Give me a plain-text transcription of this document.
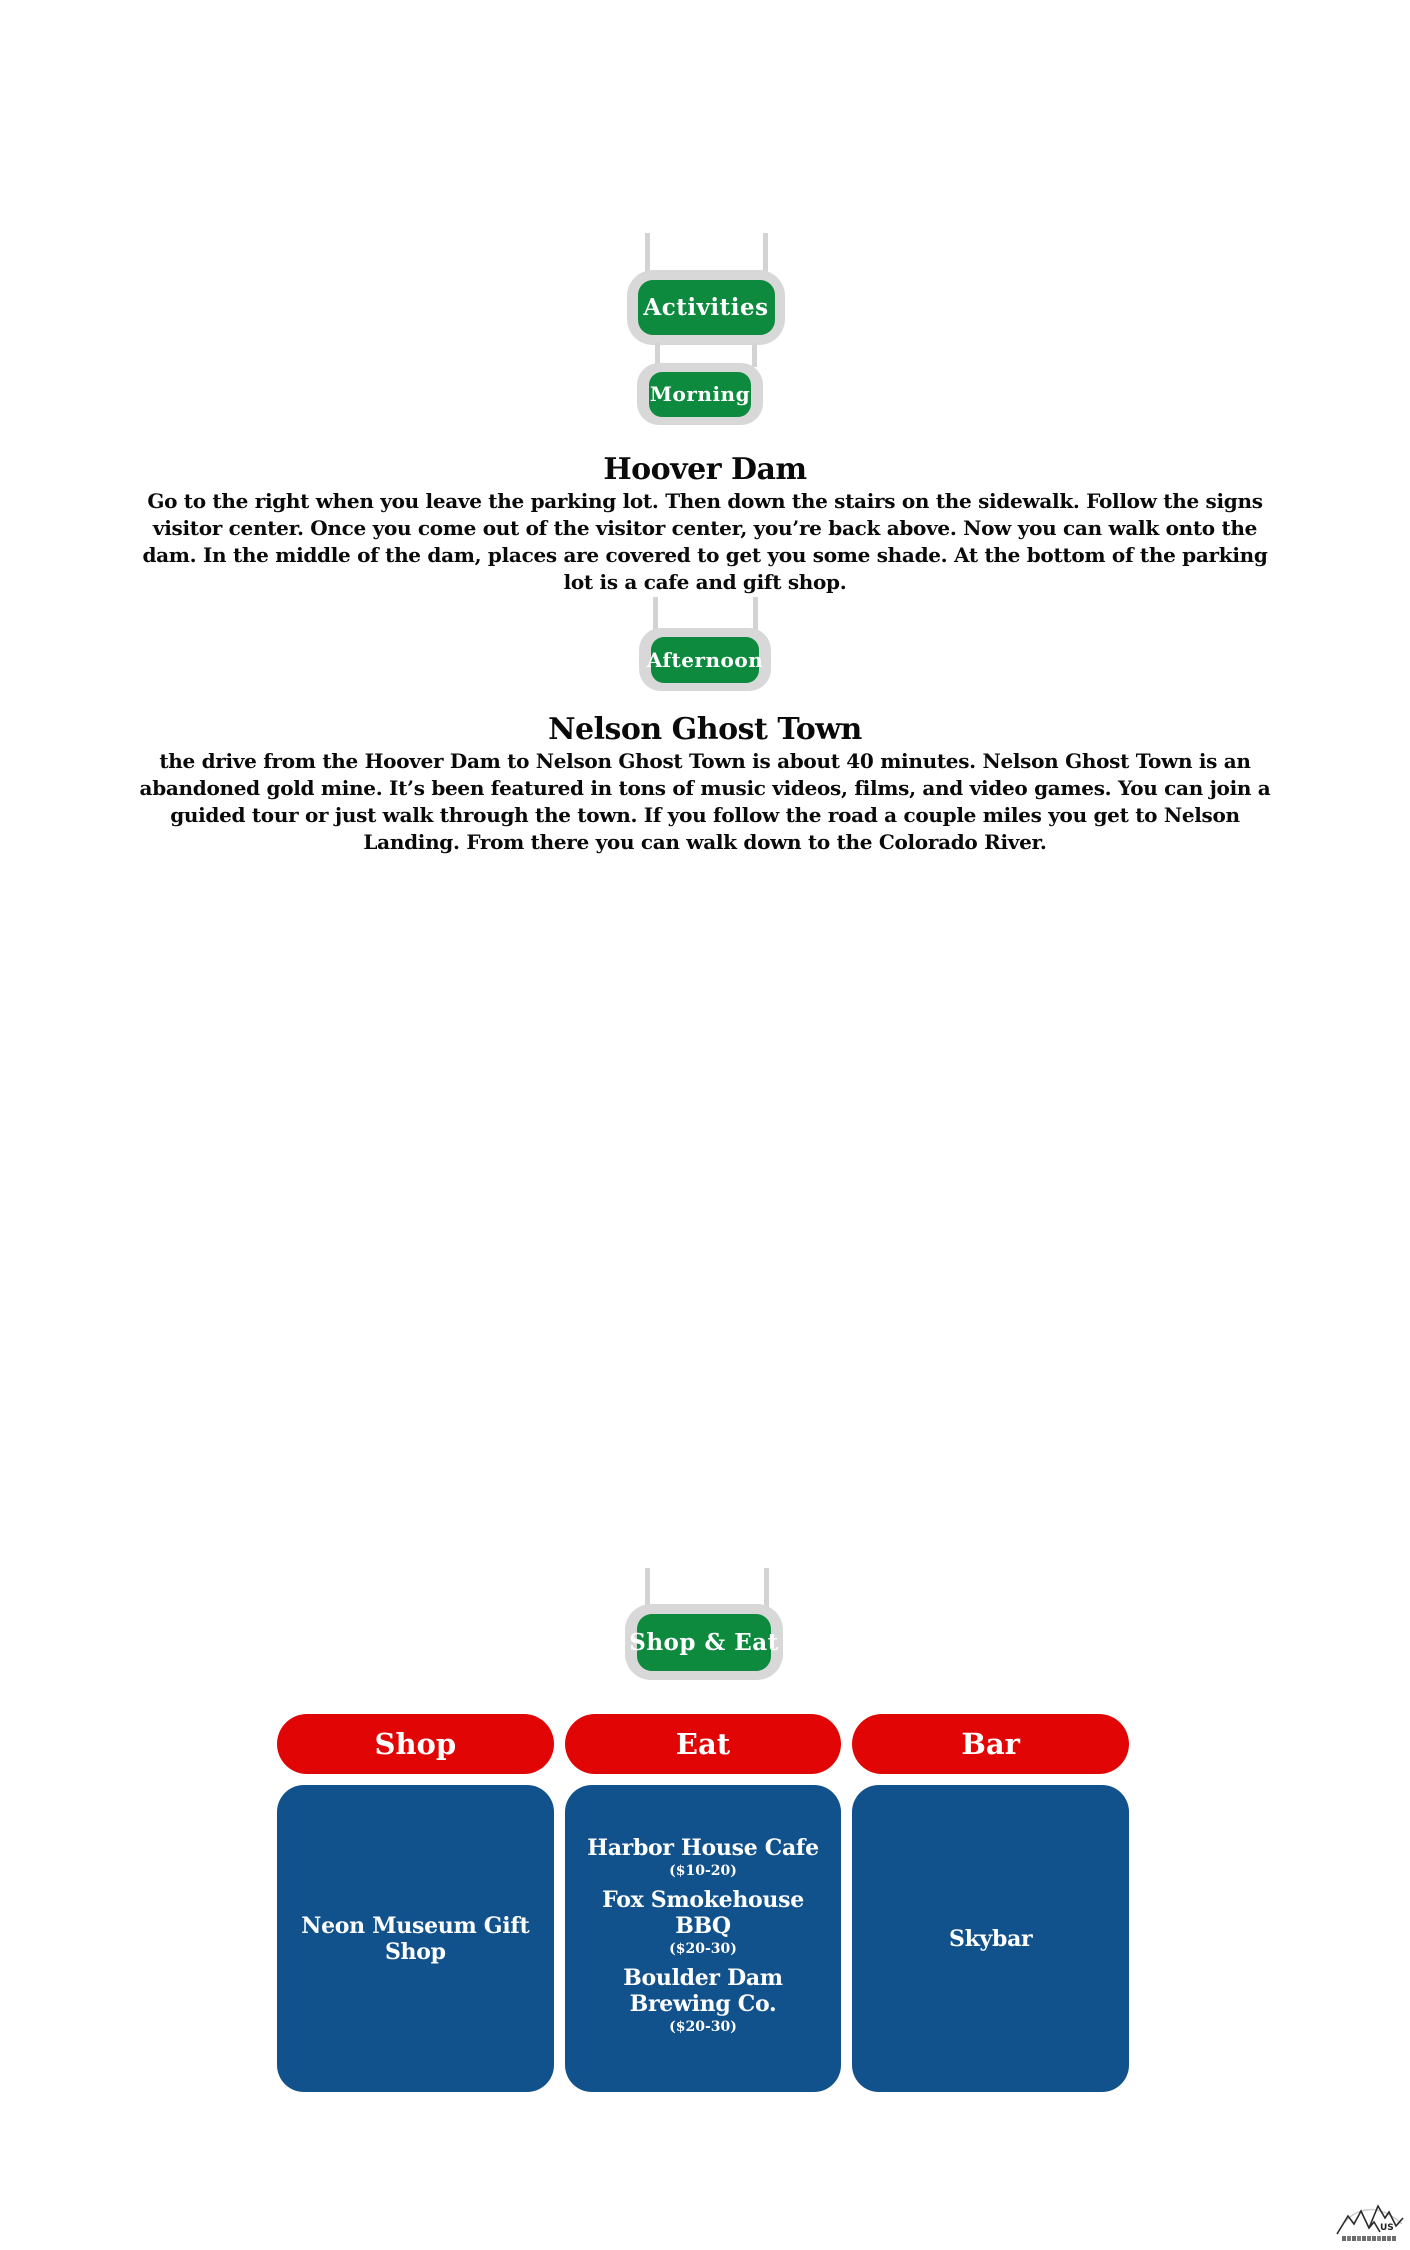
Activities
Morning
Hoover Dam
Go to the right when you leave the parking lot. Then down the stairs on the sidewalk. Follow the signs visitor center. Once you come out of the visitor center, you’re back above. Now you can walk onto the dam. In the middle of the dam, places are covered to get you some shade. At the bottom of the parking lot is a cafe and gift shop.
Afternoon
Nelson Ghost Town
the drive from the Hoover Dam to Nelson Ghost Town is about 40 minutes. Nelson Ghost Town is an abandoned gold mine. It’s been featured in tons of music videos, films, and video games. You can join a guided tour or just walk through the town. If you follow the road a couple miles you get to Nelson Landing. From there you can walk down to the Colorado River.
Shop & Eat
Shop
Neon Museum Gift Shop
Eat
Harbor House Cafe
($10-20)
Fox Smokehouse BBQ
($20-30)
Boulder Dam Brewing Co.
($20-30)
Bar
Skybar
US
